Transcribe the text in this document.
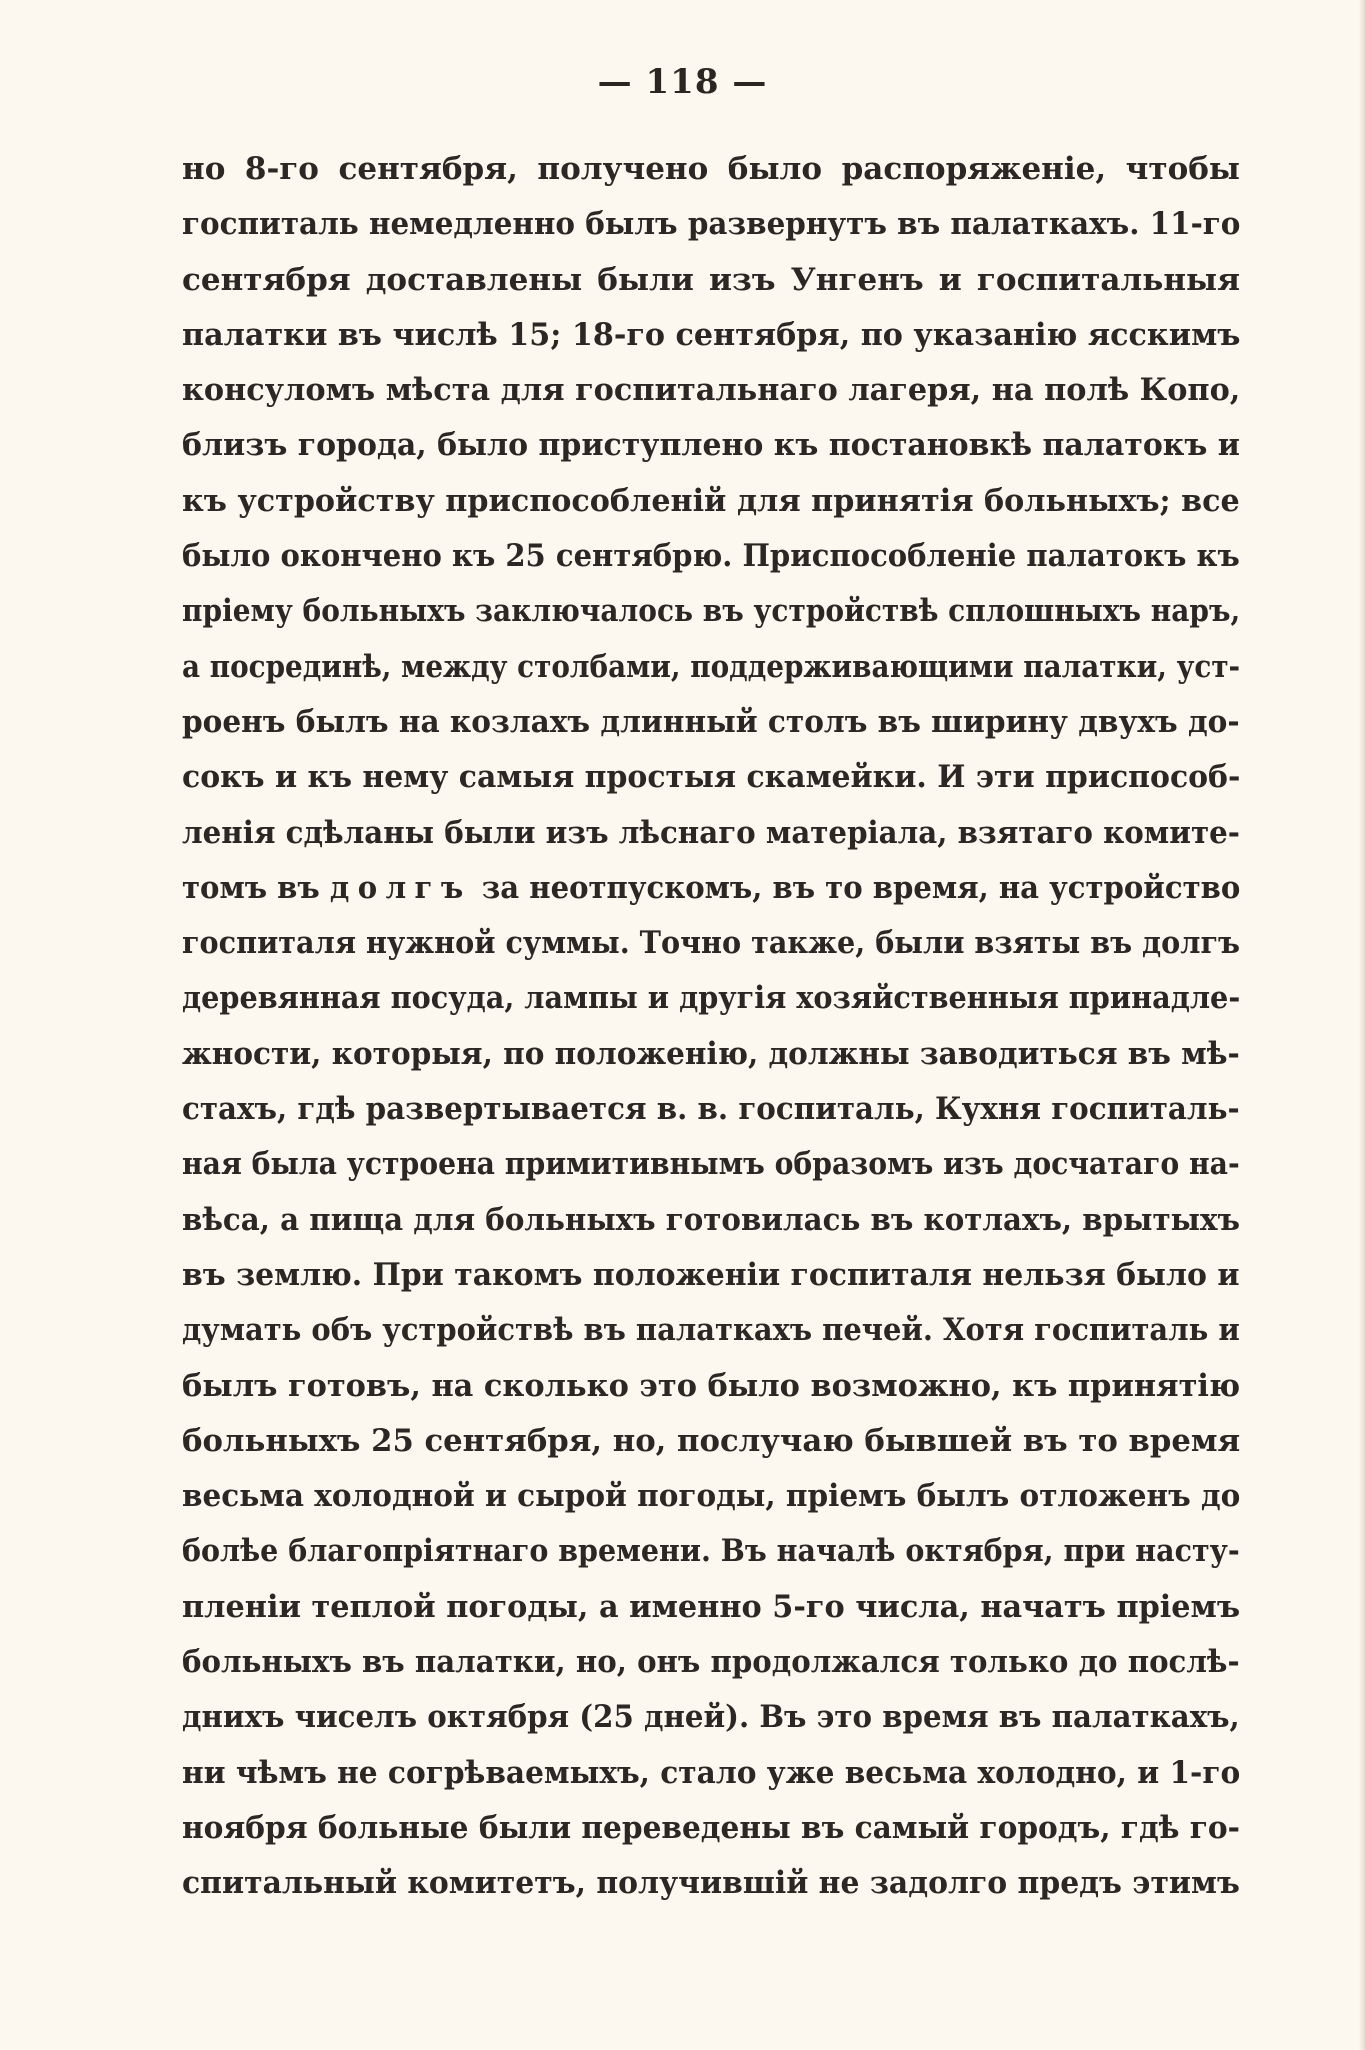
— 118 —
но 8-го сентября, получено было распоряженіе, чтобы
госпиталь немедленно былъ развернутъ въ палаткахъ. 11-го
сентября доставлены были изъ Унгенъ и госпитальныя
палатки въ числѣ 15; 18-го сентября, по указанію ясскимъ
консуломъ мѣста для госпитальнаго лагеря, на полѣ Копо,
близъ города, было приступлено къ постановкѣ палатокъ и
къ устройству приспособленій для принятія больныхъ; все
было окончено къ 25 сентябрю. Приспособленіе палатокъ къ
пріему больныхъ заключалось въ устройствѣ сплошныхъ наръ,
а посрединѣ, между столбами, поддерживающими палатки, уст-
роенъ былъ на козлахъ длинный столъ въ ширину двухъ до-
сокъ и къ нему самыя простыя скамейки. И эти приспособ-
ленія сдѣланы были изъ лѣснаго матеріала, взятаго комите-
томъ въ долгъ за неотпускомъ, въ то время, на устройство
госпиталя нужной суммы. Точно также, были взяты въ долгъ
деревянная посуда, лампы и другія хозяйственныя принадле-
жности, которыя, по положенію, должны заводиться въ мѣ-
стахъ, гдѣ развертывается в. в. госпиталь, Кухня госпиталь-
ная была устроена примитивнымъ образомъ изъ досчатаго на-
вѣса, а пища для больныхъ готовилась въ котлахъ, врытыхъ
въ землю. При такомъ положеніи госпиталя нельзя было и
думать объ устройствѣ въ палаткахъ печей. Хотя госпиталь и
былъ готовъ, на сколько это было возможно, къ принятію
больныхъ 25 сентября, но, послучаю бывшей въ то время
весьма холодной и сырой погоды, пріемъ былъ отложенъ до
болѣе благопріятнаго времени. Въ началѣ октября, при насту-
пленіи теплой погоды, а именно 5-го числа, начатъ пріемъ
больныхъ въ палатки, но, онъ продолжался только до послѣ-
днихъ чиселъ октября (25 дней). Въ это время въ палаткахъ,
ни чѣмъ не согрѣваемыхъ, стало уже весьма холодно, и 1-го
ноября больные были переведены въ самый городъ, гдѣ го-
спитальный комитетъ, получившій не задолго предъ этимъ
